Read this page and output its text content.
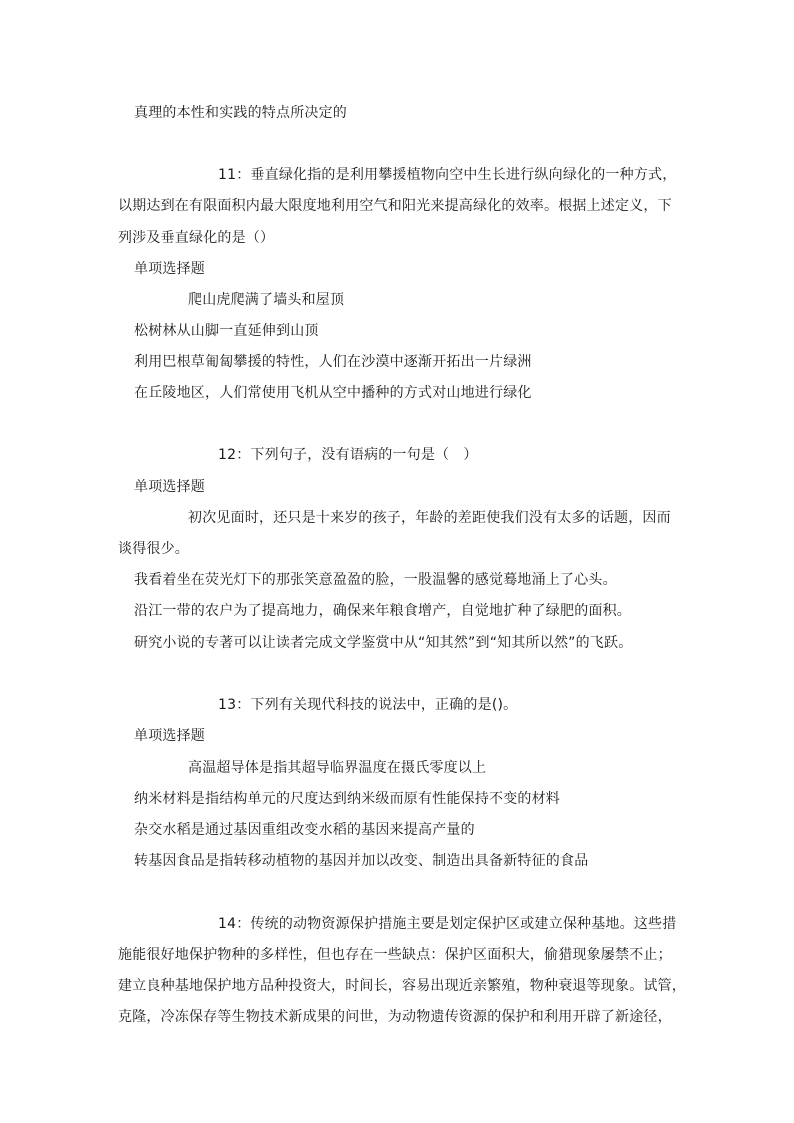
真理的本性和实践的特点所决定的
11：垂直绿化指的是利用攀援植物向空中生长进行纵向绿化的一种方式，
以期达到在有限面积内最大限度地利用空气和阳光来提高绿化的效率。根据上述定义，下
列涉及垂直绿化的是（）
单项选择题
爬山虎爬满了墙头和屋顶
松树林从山脚一直延伸到山顶
利用巴根草匍匐攀援的特性，人们在沙漠中逐渐开拓出一片绿洲
在丘陵地区，人们常使用飞机从空中播种的方式对山地进行绿化
12：下列句子，没有语病的一句是（　）
单项选择题
初次见面时，还只是十来岁的孩子，年龄的差距使我们没有太多的话题，因而
谈得很少。
我看着坐在荧光灯下的那张笑意盈盈的脸，一股温馨的感觉蓦地涌上了心头。
沿江一带的农户为了提高地力，确保来年粮食增产，自觉地扩种了绿肥的面积。
研究小说的专著可以让读者完成文学鉴赏中从“知其然”到“知其所以然”的飞跃。
13：下列有关现代科技的说法中，正确的是()。
单项选择题
高温超导体是指其超导临界温度在摄氏零度以上
纳米材料是指结构单元的尺度达到纳米级而原有性能保持不变的材料
杂交水稻是通过基因重组改变水稻的基因来提高产量的
转基因食品是指转移动植物的基因并加以改变、制造出具备新特征的食品
14：传统的动物资源保护措施主要是划定保护区或建立保种基地。这些措
施能很好地保护物种的多样性，但也存在一些缺点：保护区面积大，偷猎现象屡禁不止；
建立良种基地保护地方品种投资大，时间长，容易出现近亲繁殖，物种衰退等现象。试管，
克隆，冷冻保存等生物技术新成果的问世，为动物遗传资源的保护和利用开辟了新途径，
